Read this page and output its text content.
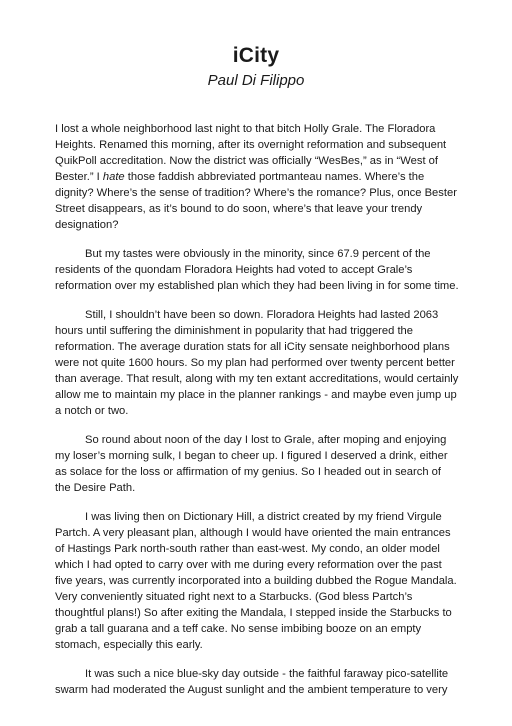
iCity
Paul Di Filippo

I lost a whole neighborhood last night to that bitch Holly Grale. The Floradora Heights. Renamed this morning, after its overnight reformation and subsequent QuikPoll accreditation. Now the district was officially “WesBes,” as in “West of Bester.” I hate those faddish abbreviated portmanteau names. Where’s the dignity? Where’s the sense of tradition? Where’s the romance? Plus, once Bester Street disappears, as it’s bound to do soon, where’s that leave your trendy designation?

But my tastes were obviously in the minority, since 67.9 percent of the residents of the quondam Floradora Heights had voted to accept Grale’s reformation over my established plan which they had been living in for some time.

Still, I shouldn’t have been so down. Floradora Heights had lasted 2063 hours until suffering the diminishment in popularity that had triggered the reformation. The average duration stats for all iCity sensate neighborhood plans were not quite 1600 hours. So my plan had performed over twenty percent better than average. That result, along with my ten extant accreditations, would certainly allow me to maintain my place in the planner rankings - and maybe even jump up a notch or two.

So round about noon of the day I lost to Grale, after moping and enjoying my loser’s morning sulk, I began to cheer up. I figured I deserved a drink, either as solace for the loss or affirmation of my genius. So I headed out in search of the Desire Path.

I was living then on Dictionary Hill, a district created by my friend Virgule Partch. A very pleasant plan, although I would have oriented the main entrances of Hastings Park north-south rather than east-west. My condo, an older model which I had opted to carry over with me during every reformation over the past five years, was currently incorporated into a building dubbed the Rogue Mandala. Very conveniently situated right next to a Starbucks. (God bless Partch’s thoughtful plans!) So after exiting the Mandala, I stepped inside the Starbucks to grab a tall guarana and a teff cake. No sense imbibing booze on an empty stomach, especially this early.

It was such a nice blue-sky day outside - the faithful faraway pico-satellite swarm had moderated the August sunlight and the ambient temperature to very
